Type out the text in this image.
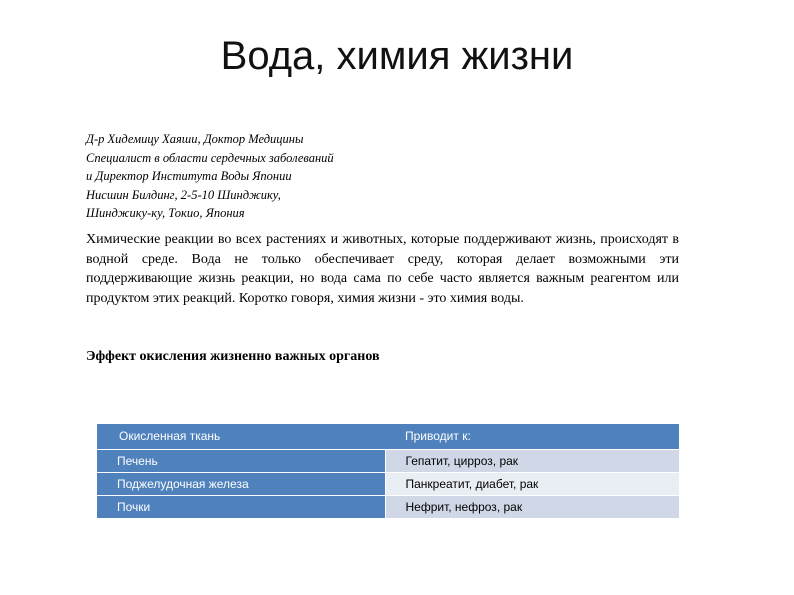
Вода, химия жизни
Д-р Хидемицу Хаяши, Доктор Медицины
Специалист в области сердечных заболеваний
и Директор Института Воды Японии
Нисшин Билдинг, 2-5-10 Шинджику,
Шинджику-ку, Токио, Япония
Химические реакции во всех растениях и животных, которые поддерживают жизнь, происходят в водной среде. Вода не только обеспечивает среду, которая делает возможными эти поддерживающие жизнь реакции, но вода сама по себе часто является важным реагентом или продуктом этих реакций. Коротко говоря, химия жизни - это химия воды.
Эффект окисления жизненно важных органов
Окисленная ткань	Приводит к:
Печень	Гепатит, цирроз, рак
Поджелудочная железа	Панкреатит, диабет, рак
Почки	Нефрит, нефроз, рак
